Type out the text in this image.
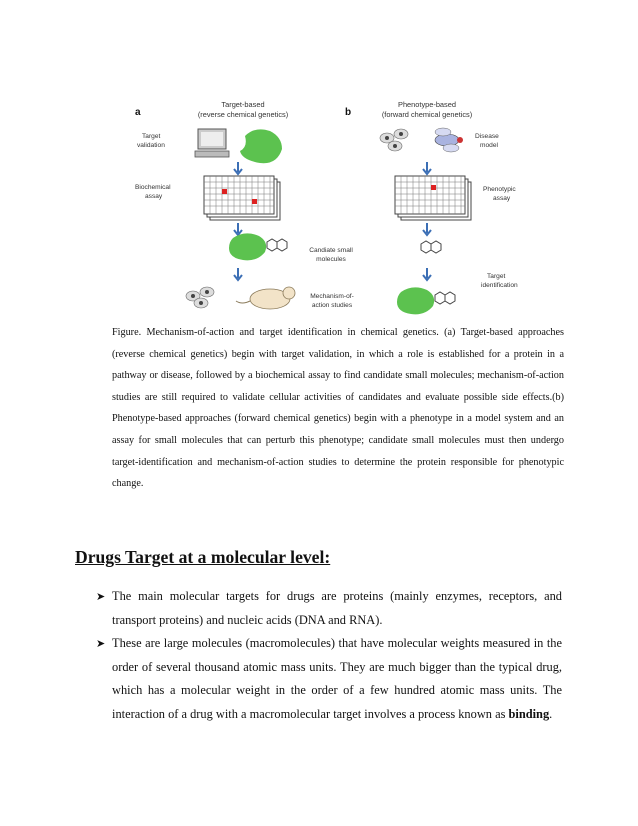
a
Target-based
(reverse chemical genetics)	b
Phenotype-based
(forward chemical genetics)
Target
validation
Biochemical
assay
Candiate small
molecules
Mechanism-of-
action studies
Disease
model
Phenotypic
assay
Target
identification
Figure. Mechanism-of-action and target identification in chemical genetics. (a) Target-based approaches (reverse chemical genetics) begin with target validation, in which a role is established for a protein in a pathway or disease, followed by a biochemical assay to find candidate small molecules; mechanism-of-action studies are still required to validate cellular activities of candidates and evaluate possible side effects.(b) Phenotype-based approaches (forward chemical genetics) begin with a phenotype in a model system and an assay for small molecules that can perturb this phenotype; candidate small molecules must then undergo target-identification and mechanism-of-action studies to determine the protein responsible for phenotypic change.
Drugs Target at a molecular level:
➤ The main molecular targets for drugs are proteins (mainly enzymes, receptors, and transport proteins) and nucleic acids (DNA and RNA).
➤ These are large molecules (macromolecules) that have molecular weights measured in the order of several thousand atomic mass units. They are much bigger than the typical drug, which has a molecular weight in the order of a few hundred atomic mass units. The interaction of a drug with a macromolecular target involves a process known as binding.
